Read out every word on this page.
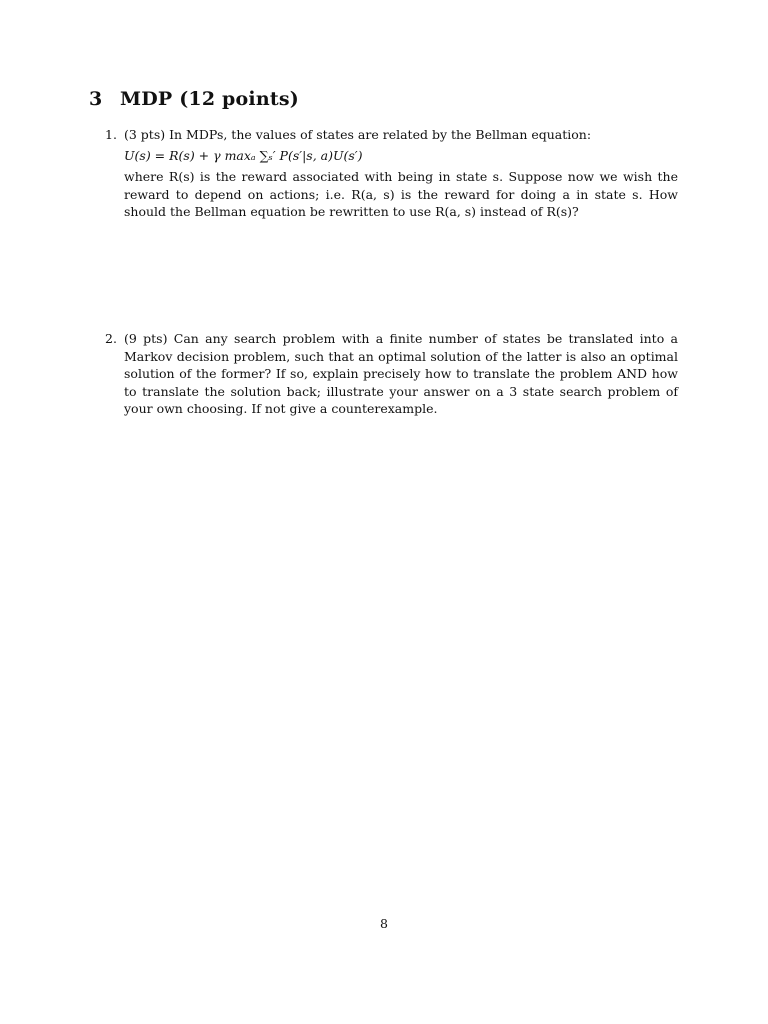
3 MDP (12 points)
1. (3 pts) In MDPs, the values of states are related by the Bellman equation:
U(s) = R(s) + γ maxₐ ∑ₛ′ P(s′|s, a)U(s′)
where R(s) is the reward associated with being in state s. Suppose now we wish the reward to depend on actions; i.e. R(a, s) is the reward for doing a in state s. How should the Bellman equation be rewritten to use R(a, s) instead of R(s)?
2. (9 pts) Can any search problem with a finite number of states be translated into a Markov decision problem, such that an optimal solution of the latter is also an optimal solution of the former? If so, explain precisely how to translate the problem AND how to translate the solution back; illustrate your answer on a 3 state search problem of your own choosing. If not give a counterexample.
8
